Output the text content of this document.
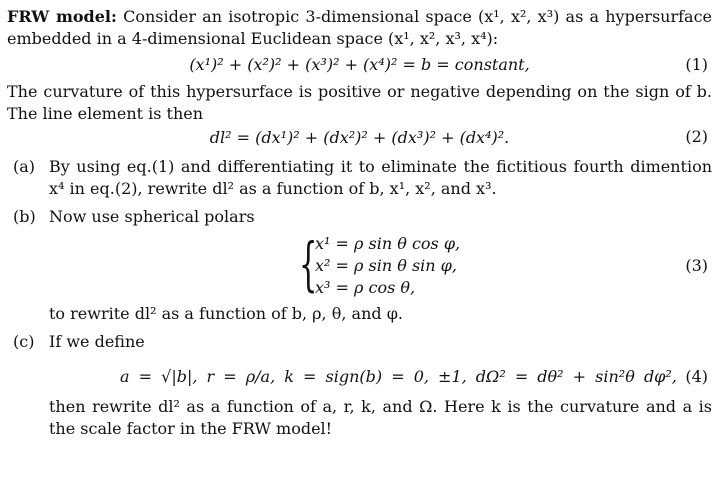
FRW model: Consider an isotropic 3-dimensional space (x¹, x², x³) as a hypersurface embedded in a 4-dimensional Euclidean space (x¹, x², x³, x⁴):

(x¹)² + (x²)² + (x³)² + (x⁴)² = b = constant,	(1)

The curvature of this hypersurface is positive or negative depending on the sign of b. The line element is then

dl² = (dx¹)² + (dx²)² + (dx³)² + (dx⁴)².	(2)
(a) By using eq.(1) and differentiating it to eliminate the fictitious fourth dimention x⁴ in eq.(2), rewrite dl² as a function of b, x¹, x², and x³.
(b) Now use spherical polars
{
x¹ = ρ sin θ cos φ,
x² = ρ sin θ sin φ,
x³ = ρ cos θ,
(3)
to rewrite dl² as a function of b, ρ, θ, and φ.
(c) If we define
a = √|b|, r = ρ/a, k = sign(b) = 0, ±1, dΩ² = dθ² + sin²θ dφ², (4)
then rewrite dl² as a function of a, r, k, and Ω. Here k is the curvature and a is the scale factor in the FRW model!
